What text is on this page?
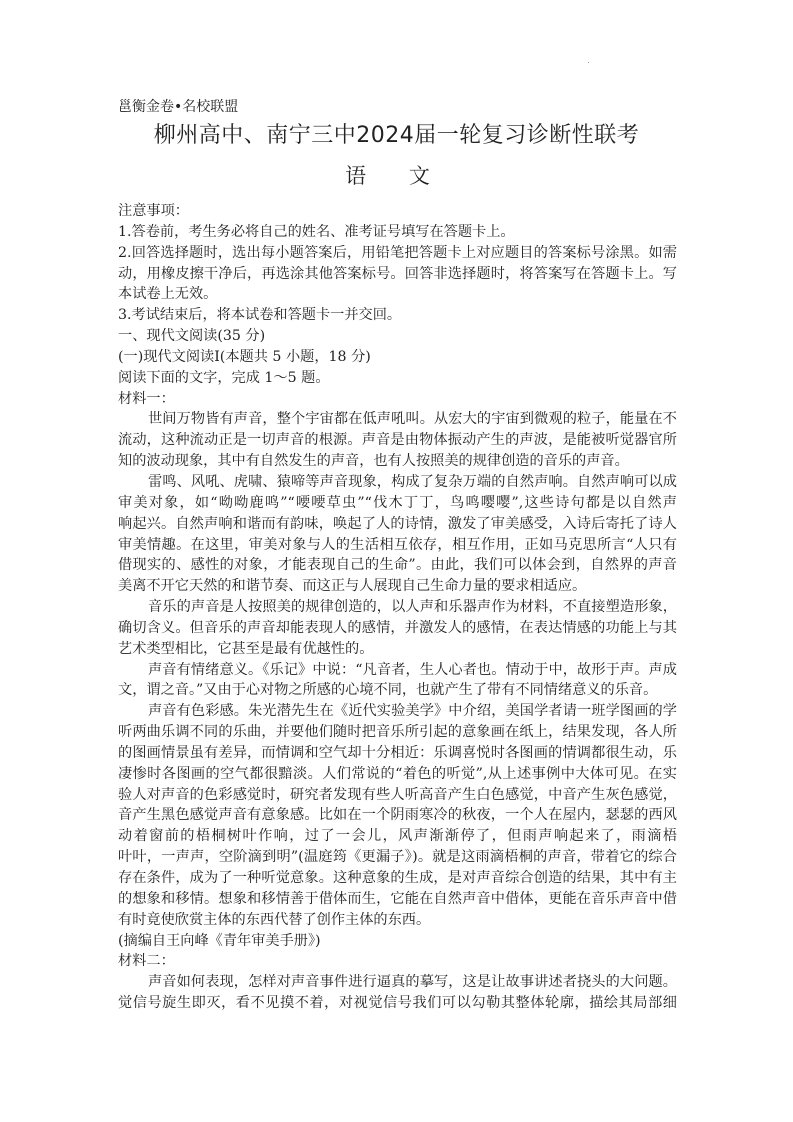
邕衡金卷•名校联盟
柳州高中、南宁三中2024届一轮复习诊断性联考
语 文
注意事项：
1.答卷前，考生务必将自己的姓名、准考证号填写在答题卡上。
2.回答选择题时，选出每小题答案后，用铅笔把答题卡上对应题目的答案标号涂黑。如需
动，用橡皮擦干净后，再选涂其他答案标号。回答非选择题时，将答案写在答题卡上。写
本试卷上无效。
3.考试结束后，将本试卷和答题卡一并交回。
一、现代文阅读(35 分)
(一)现代文阅读Ⅰ(本题共 5 小题，18 分)
阅读下面的文字，完成 1～5 题。
材料一：
世间万物皆有声音，整个宇宙都在低声吼叫。从宏大的宇宙到微观的粒子，能量在不
流动，这种流动正是一切声音的根源。声音是由物体振动产生的声波，是能被听觉器官所
知的波动现象，其中有自然发生的声音，也有人按照美的规律创造的音乐的声音。
雷鸣、风吼、虎啸、猿啼等声音现象，构成了复杂万端的自然声响。自然声响可以成
审美对象，如“呦呦鹿鸣”“喓喓草虫”“伐木丁丁，鸟鸣嘤嘤”,这些诗句都是以自然声
响起兴。自然声响和谐而有韵味，唤起了人的诗情，激发了审美感受，入诗后寄托了诗人
审美情趣。在这里，审美对象与人的生活相互依存，相互作用，正如马克思所言“人只有
借现实的、感性的对象，才能表现自己的生命”。由此，我们可以体会到，自然界的声音
美离不开它天然的和谐节奏、而这正与人展现自己生命力量的要求相适应。
音乐的声音是人按照美的规律创造的，以人声和乐器声作为材料，不直接塑造形象，
确切含义。但音乐的声音却能表现人的感情，并激发人的感情，在表达情感的功能上与其
艺术类型相比，它甚至是最有优越性的。
声音有情绪意义。《乐记》中说：“凡音者，生人心者也。情动于中，故形于声。声成
文，谓之音。”又由于心对物之所感的心境不同，也就产生了带有不同情绪意义的乐音。
声音有色彩感。朱光潜先生在《近代实验美学》中介绍，美国学者请一班学图画的学
听两曲乐调不同的乐曲，并要他们随时把音乐所引起的意象画在纸上，结果发现，各人所
的图画情景虽有差异，而情调和空气却十分相近：乐调喜悦时各图画的情调都很生动，乐
凄惨时各图画的空气都很黯淡。人们常说的“着色的听觉”,从上述事例中大体可见。在实
验人对声音的色彩感觉时，研究者发现有些人听高音产生白色感觉，中音产生灰色感觉，
音产生黑色感觉声音有意象感。比如在一个阴雨寒冷的秋夜，一个人在屋内，瑟瑟的西风
动着窗前的梧桐树叶作响，过了一会儿，风声渐渐停了，但雨声响起来了，雨滴梧
叶叶，一声声，空阶滴到明”(温庭筠《更漏子》)。就是这雨滴梧桐的声音，带着它的综合
存在条件，成为了一种听觉意象。这种意象的生成，是对声音综合创造的结果，其中有主
的想象和移情。想象和移情善于借体而生，它能在自然声音中借体，更能在音乐声音中借
有时竟使欣赏主体的东西代替了创作主体的东西。
(摘编自王向峰《青年审美手册》)
材料二：
声音如何表现，怎样对声音事件进行逼真的摹写，这是让故事讲述者挠头的大问题。
觉信号旋生即灭，看不见摸不着，对视觉信号我们可以勾勒其整体轮廓，描绘其局部细
